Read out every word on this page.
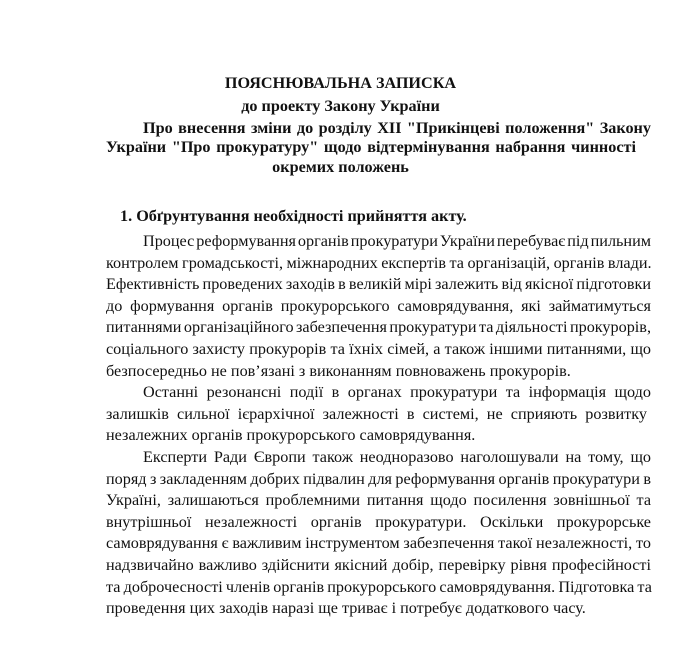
ПОЯСНЮВАЛЬНА ЗАПИСКА
до проекту Закону України
Про внесення зміни до розділу XII "Прикінцеві положення" Закону
України "Про прокуратуру" щодо відтермінування набрання чинності
окремих положень
1. Обґрунтування необхідності прийняття акту.
Процес реформування органів прокуратури України перебуває під пильним
контролем громадськості, міжнародних експертів та організацій, органів влади.
Ефективність проведених заходів в великій мірі залежить від якісної підготовки
до формування органів прокурорського самоврядування, які займатимуться
питаннями організаційного забезпечення прокуратури та діяльності прокурорів,
соціального захисту прокурорів та їхніх сімей, а також іншими питаннями, що
безпосередньо не пов’язані з виконанням повноважень прокурорів.
Останні резонансні події в органах прокуратури та інформація щодо
залишків сильної ієрархічної залежності в системі, не сприяють розвитку
незалежних органів прокурорського самоврядування.
Експерти Ради Європи також неодноразово наголошували на тому, що
поряд з закладенням добрих підвалин для реформування органів прокуратури в
Україні, залишаються проблемними питання щодо посилення зовнішньої та
внутрішньої незалежності органів прокуратури. Оскільки прокурорське
самоврядування є важливим інструментом забезпечення такої незалежності, то
надзвичайно важливо здійснити якісний добір, перевірку рівня професійності
та доброчесності членів органів прокурорського самоврядування. Підготовка та
проведення цих заходів наразі ще триває і потребує додаткового часу.
